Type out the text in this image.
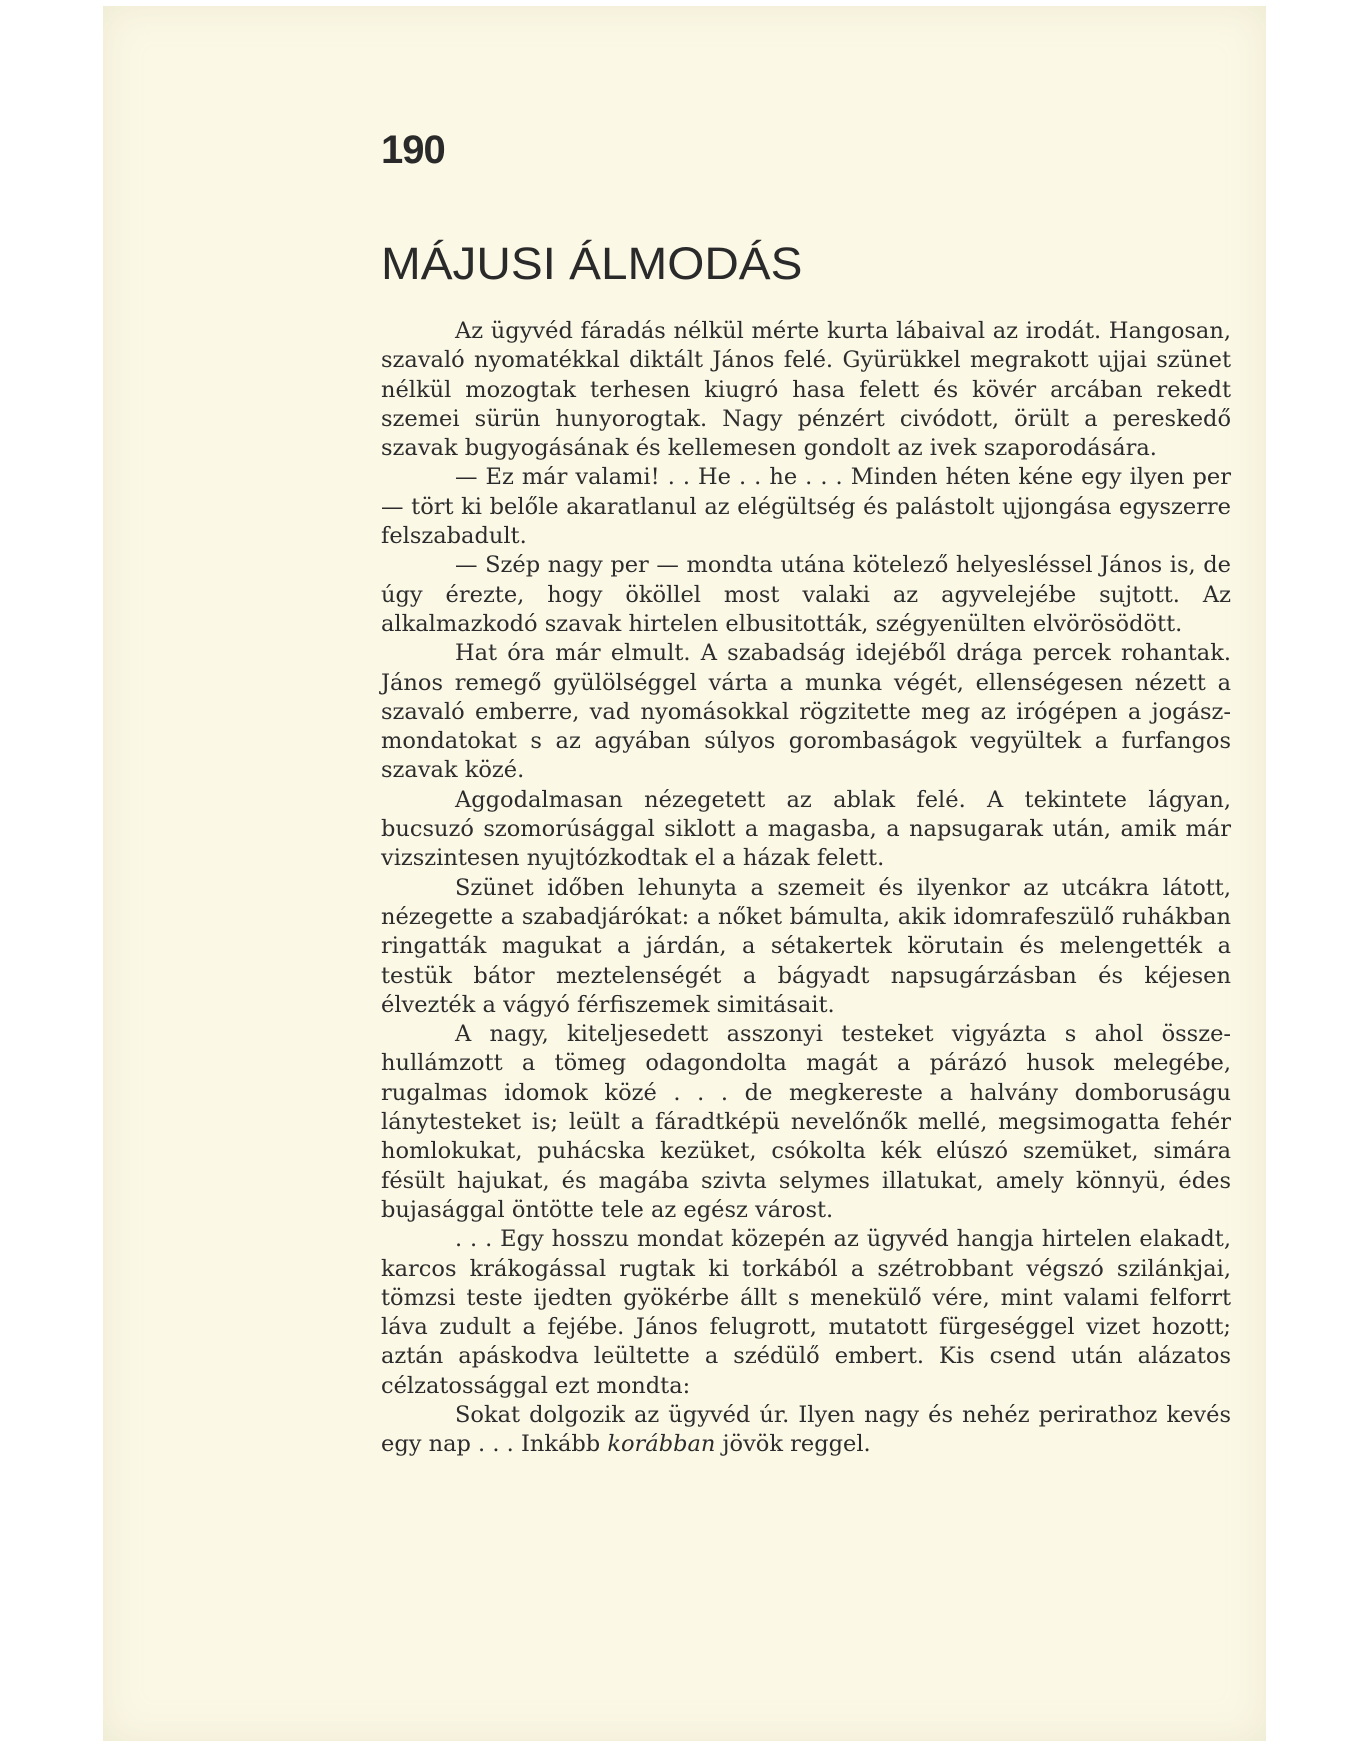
190
MÁJUSI ÁLMODÁS

Az ügyvéd fáradás nélkül mérte kurta lábaival az irodát. Hangosan, szavaló nyomatékkal diktált János felé. Gyürükkel megrakott ujjai szünet nélkül mozogtak terhesen kiugró hasa felett és kövér arcában rekedt szemei sürün hunyorogtak. Nagy pénzért civódott, örült a pereskedő szavak bugyogásának és kellemesen gondolt az ivek szaporodására.

— Ez már valami! . . He . . he . . . Minden héten kéne egy ilyen per — tört ki belőle akaratlanul az elégültség és palástolt ujjongása egyszerre felszabadult.

— Szép nagy per — mondta utána kötelező helyesléssel János is, de úgy érezte, hogy ököllel most valaki az agyvelejébe sujtott. Az alkalmazkodó szavak hirtelen elbusitották, szégyenülten elvörösödött.

Hat óra már elmult. A szabadság idejéből drága percek rohantak. János remegő gyülölséggel várta a munka végét, ellenségesen nézett a szavaló emberre, vad nyomásokkal rögzitette meg az irógépen a jogász-mondatokat s az agyában súlyos gorombaságok vegyültek a furfangos szavak közé.

Aggodalmasan nézegetett az ablak felé. A tekintete lágyan, bucsuzó szomorúsággal siklott a magasba, a napsugarak után, amik már vizszintesen nyujtózkodtak el a házak felett.

Szünet időben lehunyta a szemeit és ilyenkor az utcákra látott, nézegette a szabadjárókat: a nőket bámulta, akik idomrafeszülő ruhákban ringatták magukat a járdán, a sétakertek körutain és melengették a testük bátor meztelenségét a bágyadt napsugárzásban és kéjesen élvezték a vágyó férfiszemek simitásait.

A nagy, kiteljesedett asszonyi testeket vigyázta s ahol összehullámzott a tömeg odagondolta magát a párázó husok melegébe, rugalmas idomok közé . . . de megkereste a halvány domboruságu lánytesteket is; leült a fáradtképü nevelőnők mellé, megsimogatta fehér homlokukat, puhácska kezüket, csókolta kék elúszó szemüket, simára fésült hajukat, és magába szivta selymes illatukat, amely könnyü, édes bujasággal öntötte tele az egész várost.

. . . Egy hosszu mondat közepén az ügyvéd hangja hirtelen elakadt, karcos krákogással rugtak ki torkából a szétrobbant végszó szilánkjai, tömzsi teste ijedten gyökérbe állt s menekülő vére, mint valami felforrt láva zudult a fejébe. János felugrott, mutatott fürgeséggel vizet hozott; aztán apáskodva leültette a szédülő embert. Kis csend után alázatos célzatossággal ezt mondta:

Sokat dolgozik az ügyvéd úr. Ilyen nagy és nehéz perirathoz kevés egy nap . . . Inkább korábban jövök reggel.
